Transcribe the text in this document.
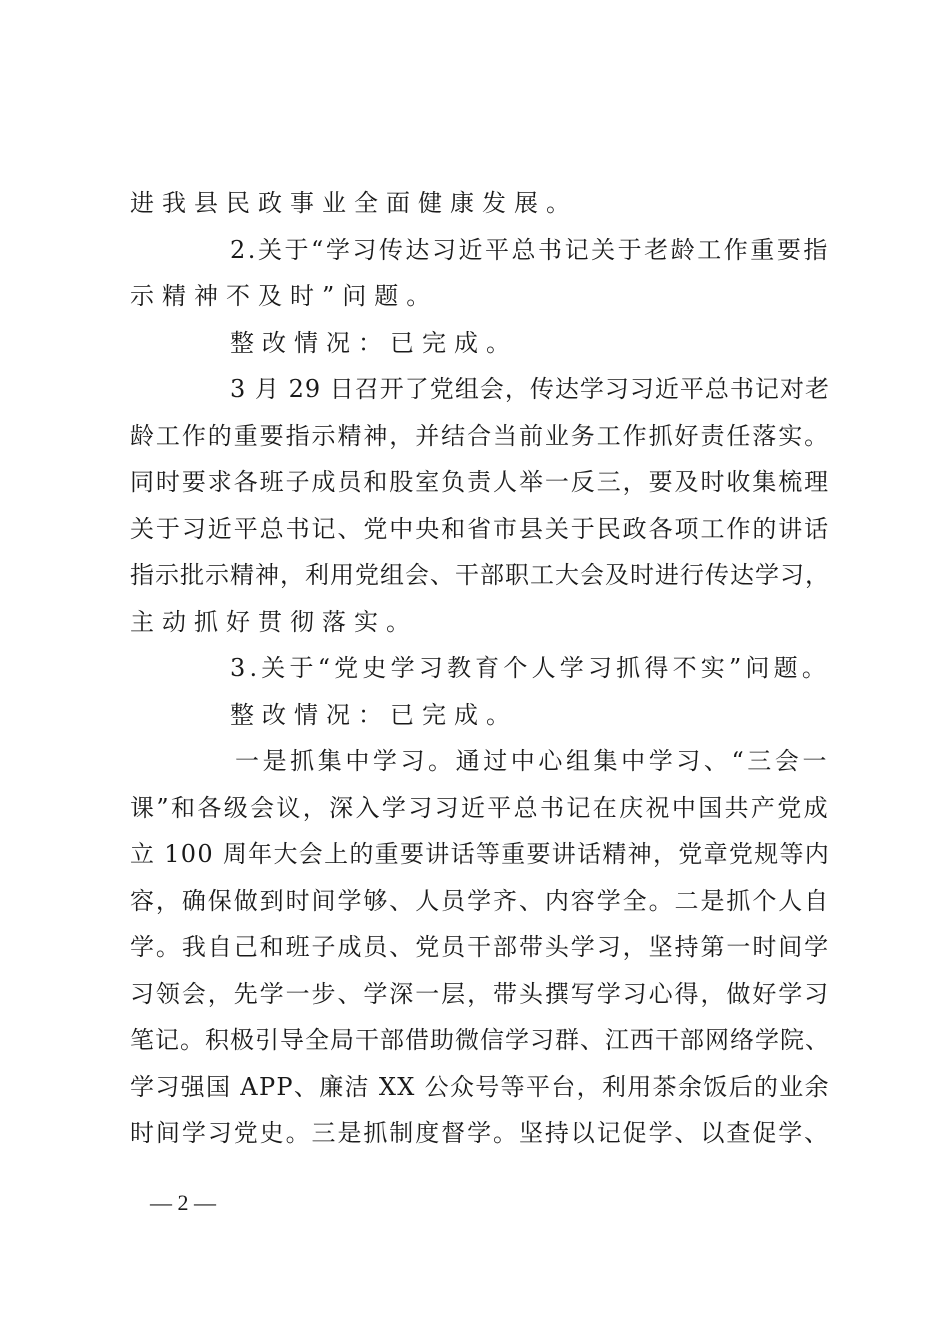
进我县民政事业全面健康发展。
2.关于“学习传达习近平总书记关于老龄工作重要指
示精神不及时”问题。
整改情况：已完成。
3 月 29 日召开了党组会，传达学习习近平总书记对老
龄工作的重要指示精神，并结合当前业务工作抓好责任落实。
同时要求各班子成员和股室负责人举一反三，要及时收集梳理
关于习近平总书记、党中央和省市县关于民政各项工作的讲话
指示批示精神，利用党组会、干部职工大会及时进行传达学习，
主动抓好贯彻落实。
3.关于“党史学习教育个人学习抓得不实”问题。
整改情况：已完成。
一是抓集中学习。通过中心组集中学习、“三会一
课”和各级会议，深入学习习近平总书记在庆祝中国共产党成
立 100 周年大会上的重要讲话等重要讲话精神，党章党规等内
容，确保做到时间学够、人员学齐、内容学全。二是抓个人自
学。我自己和班子成员、党员干部带头学习，坚持第一时间学
习领会，先学一步、学深一层，带头撰写学习心得，做好学习
笔记。积极引导全局干部借助微信学习群、江西干部网络学院、
学习强国 APP、廉洁 XX 公众号等平台，利用茶余饭后的业余
时间学习党史。三是抓制度督学。坚持以记促学、以查促学、
— 2 —
